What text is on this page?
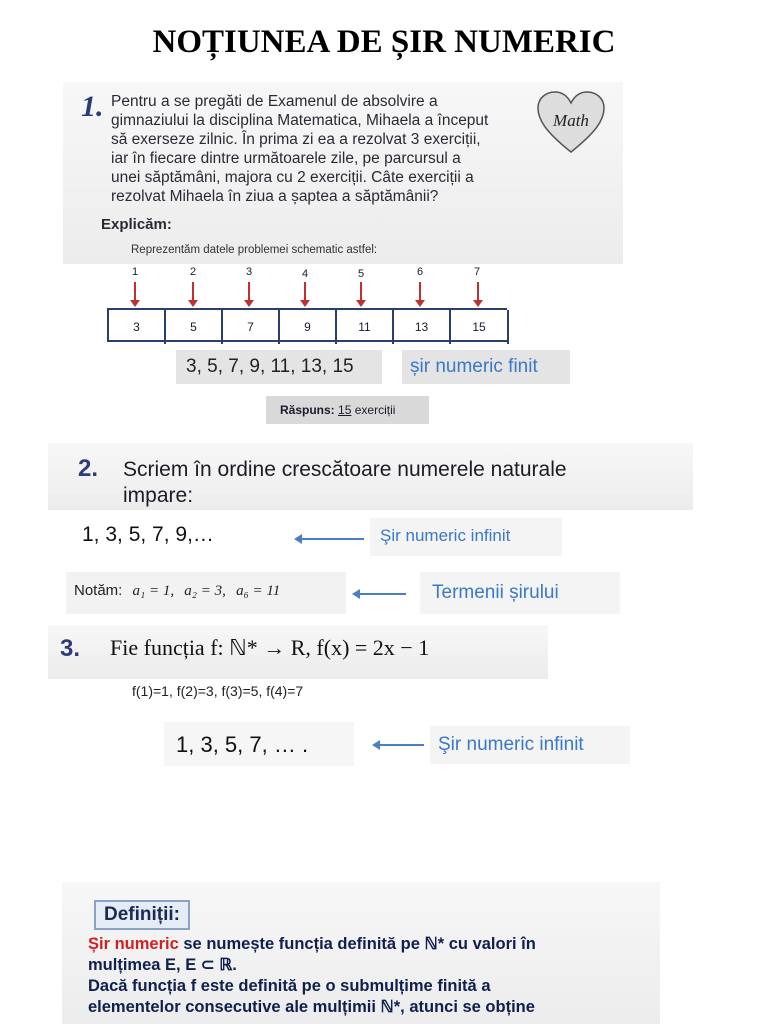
NOȚIUNEA DE ȘIR NUMERIC
1. Pentru a se pregăti de Examenul de absolvire a
gimnaziului la disciplina Matematica, Mihaela a început
să exerseze zilnic. În prima zi ea a rezolvat 3 exerciții,
iar în fiecare dintre următoarele zile, pe parcursul a
unei săptămâni, majora cu 2 exerciții. Câte exerciții a
rezolvat Mihaela în ziua a șaptea a săptămânii?
Math
Explicăm:
Reprezentăm datele problemei schematic astfel:
1	2	3	4	5	6	7
3	5	7	9	11	13	15
3, 5, 7, 9, 11, 13, 15	șir numeric finit
Răspuns: 15 exerciții
2. Scriem în ordine crescătoare numerele naturale
impare:
1, 3, 5, 7, 9,…	Şir numeric infinit
Notăm: a₁ = 1, a₂ = 3, a₆ = 11	Termenii șirului
3. Fie funcția f: ℕ* → R, f(x) = 2x − 1
f(1)=1, f(2)=3, f(3)=5, f(4)=7
1, 3, 5, 7, … .	Şir numeric infinit
Definiții:
Șir numeric se numește funcția definită pe ℕ* cu valori în
mulțimea E, E ⊂ ℝ.
Dacă funcția f este definită pe o submulțime finită a
elementelor consecutive ale mulțimii ℕ*, atunci se obține
